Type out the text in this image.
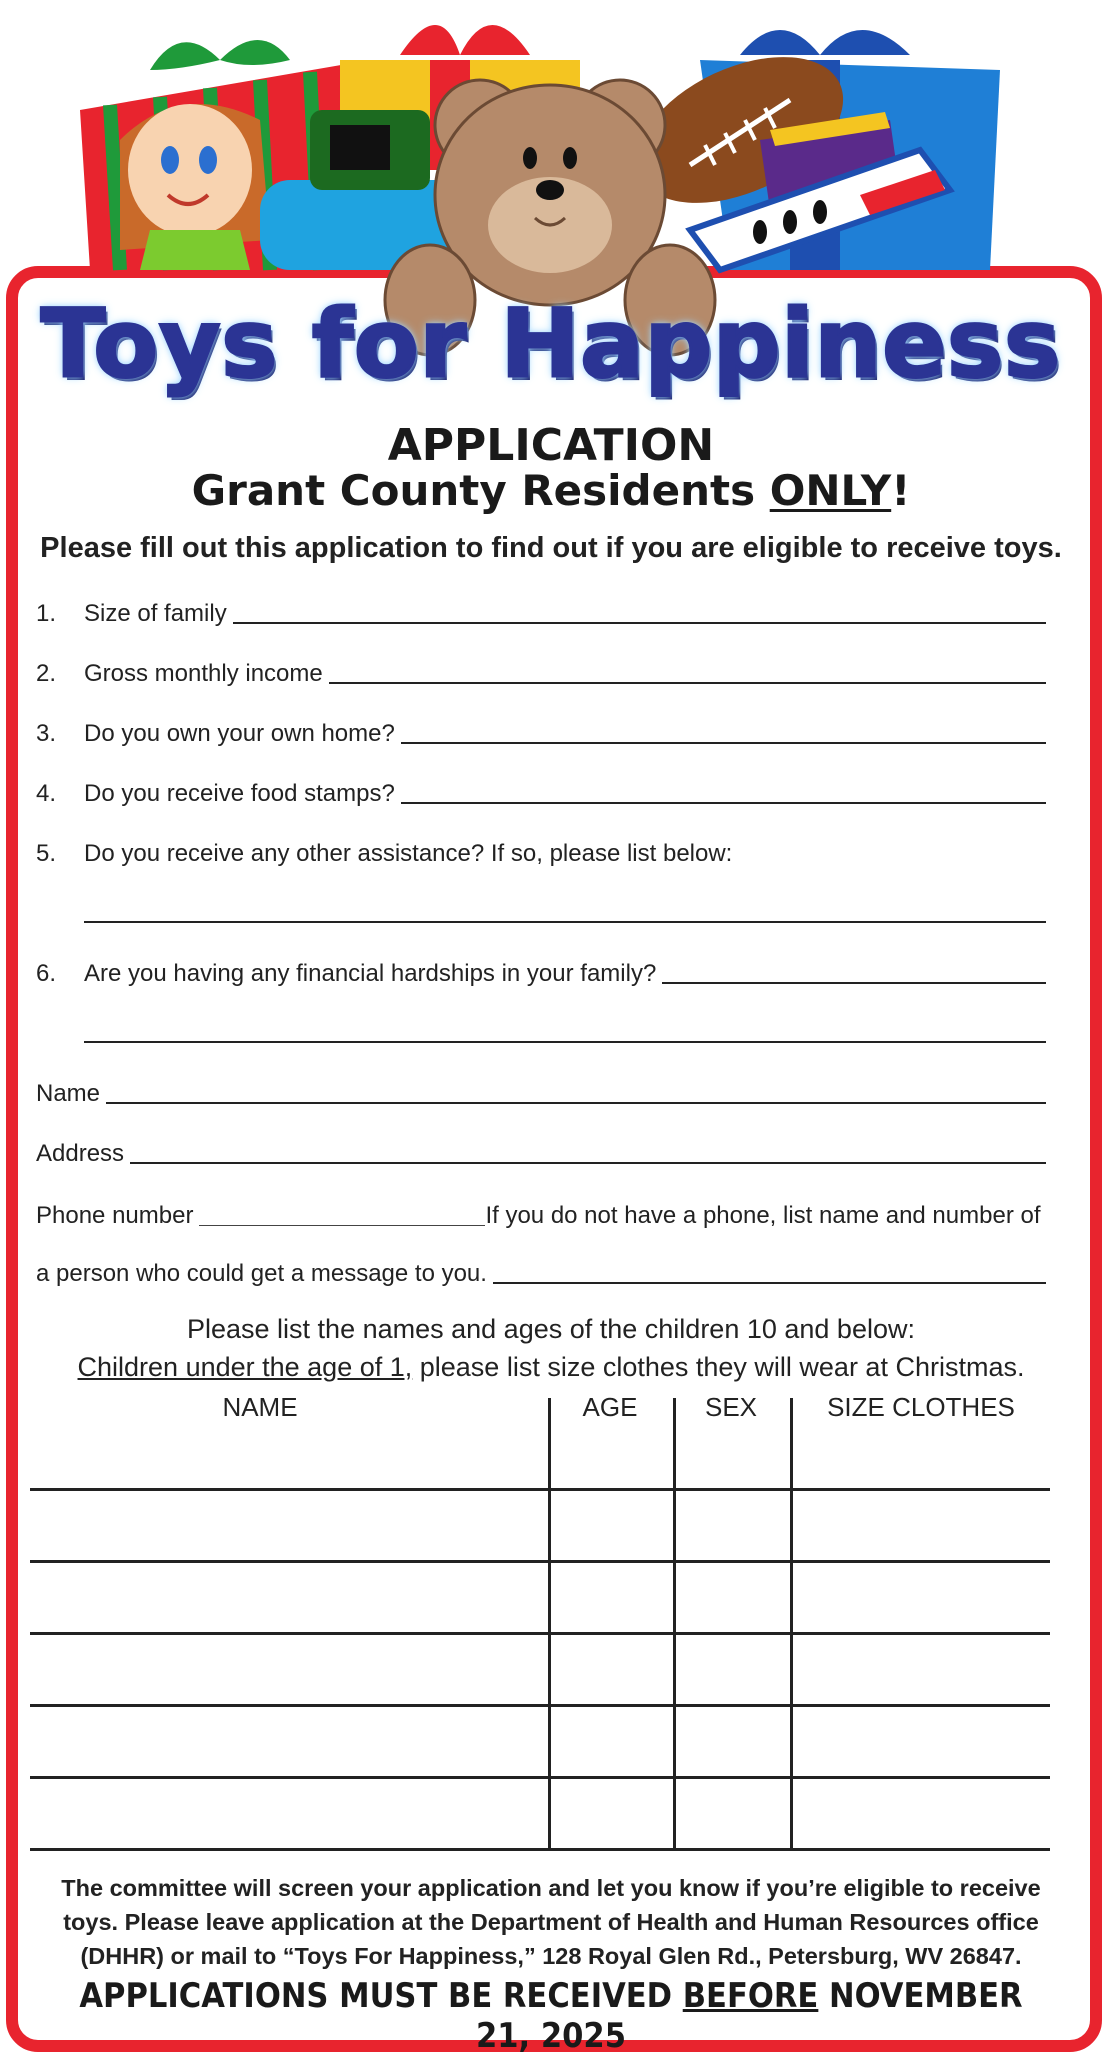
Toys for Happiness
APPLICATION
Grant County Residents ONLY!
Please fill out this application to find out if you are eligible to receive toys.
1.	Size of family
2.	Gross monthly income
3.	Do you own your own home?
4.	Do you receive food stamps?
5.	Do you receive any other assistance? If so, please list below:
6.	Are you having any financial hardships in your family?
Name
Address
Phone number	If you do not have a phone, list name and number of
a person who could get a message to you.
Please list the names and ages of the children 10 and below:
Children under the age of 1, please list size clothes they will wear at Christmas.
NAME	AGE	SEX	SIZE CLOTHES
The committee will screen your application and let you know if you’re eligible to receive
toys. Please leave application at the Department of Health and Human Resources office
(DHHR) or mail to “Toys For Happiness,” 128 Royal Glen Rd., Petersburg, WV 26847.
APPLICATIONS MUST BE RECEIVED BEFORE NOVEMBER 21, 2025
